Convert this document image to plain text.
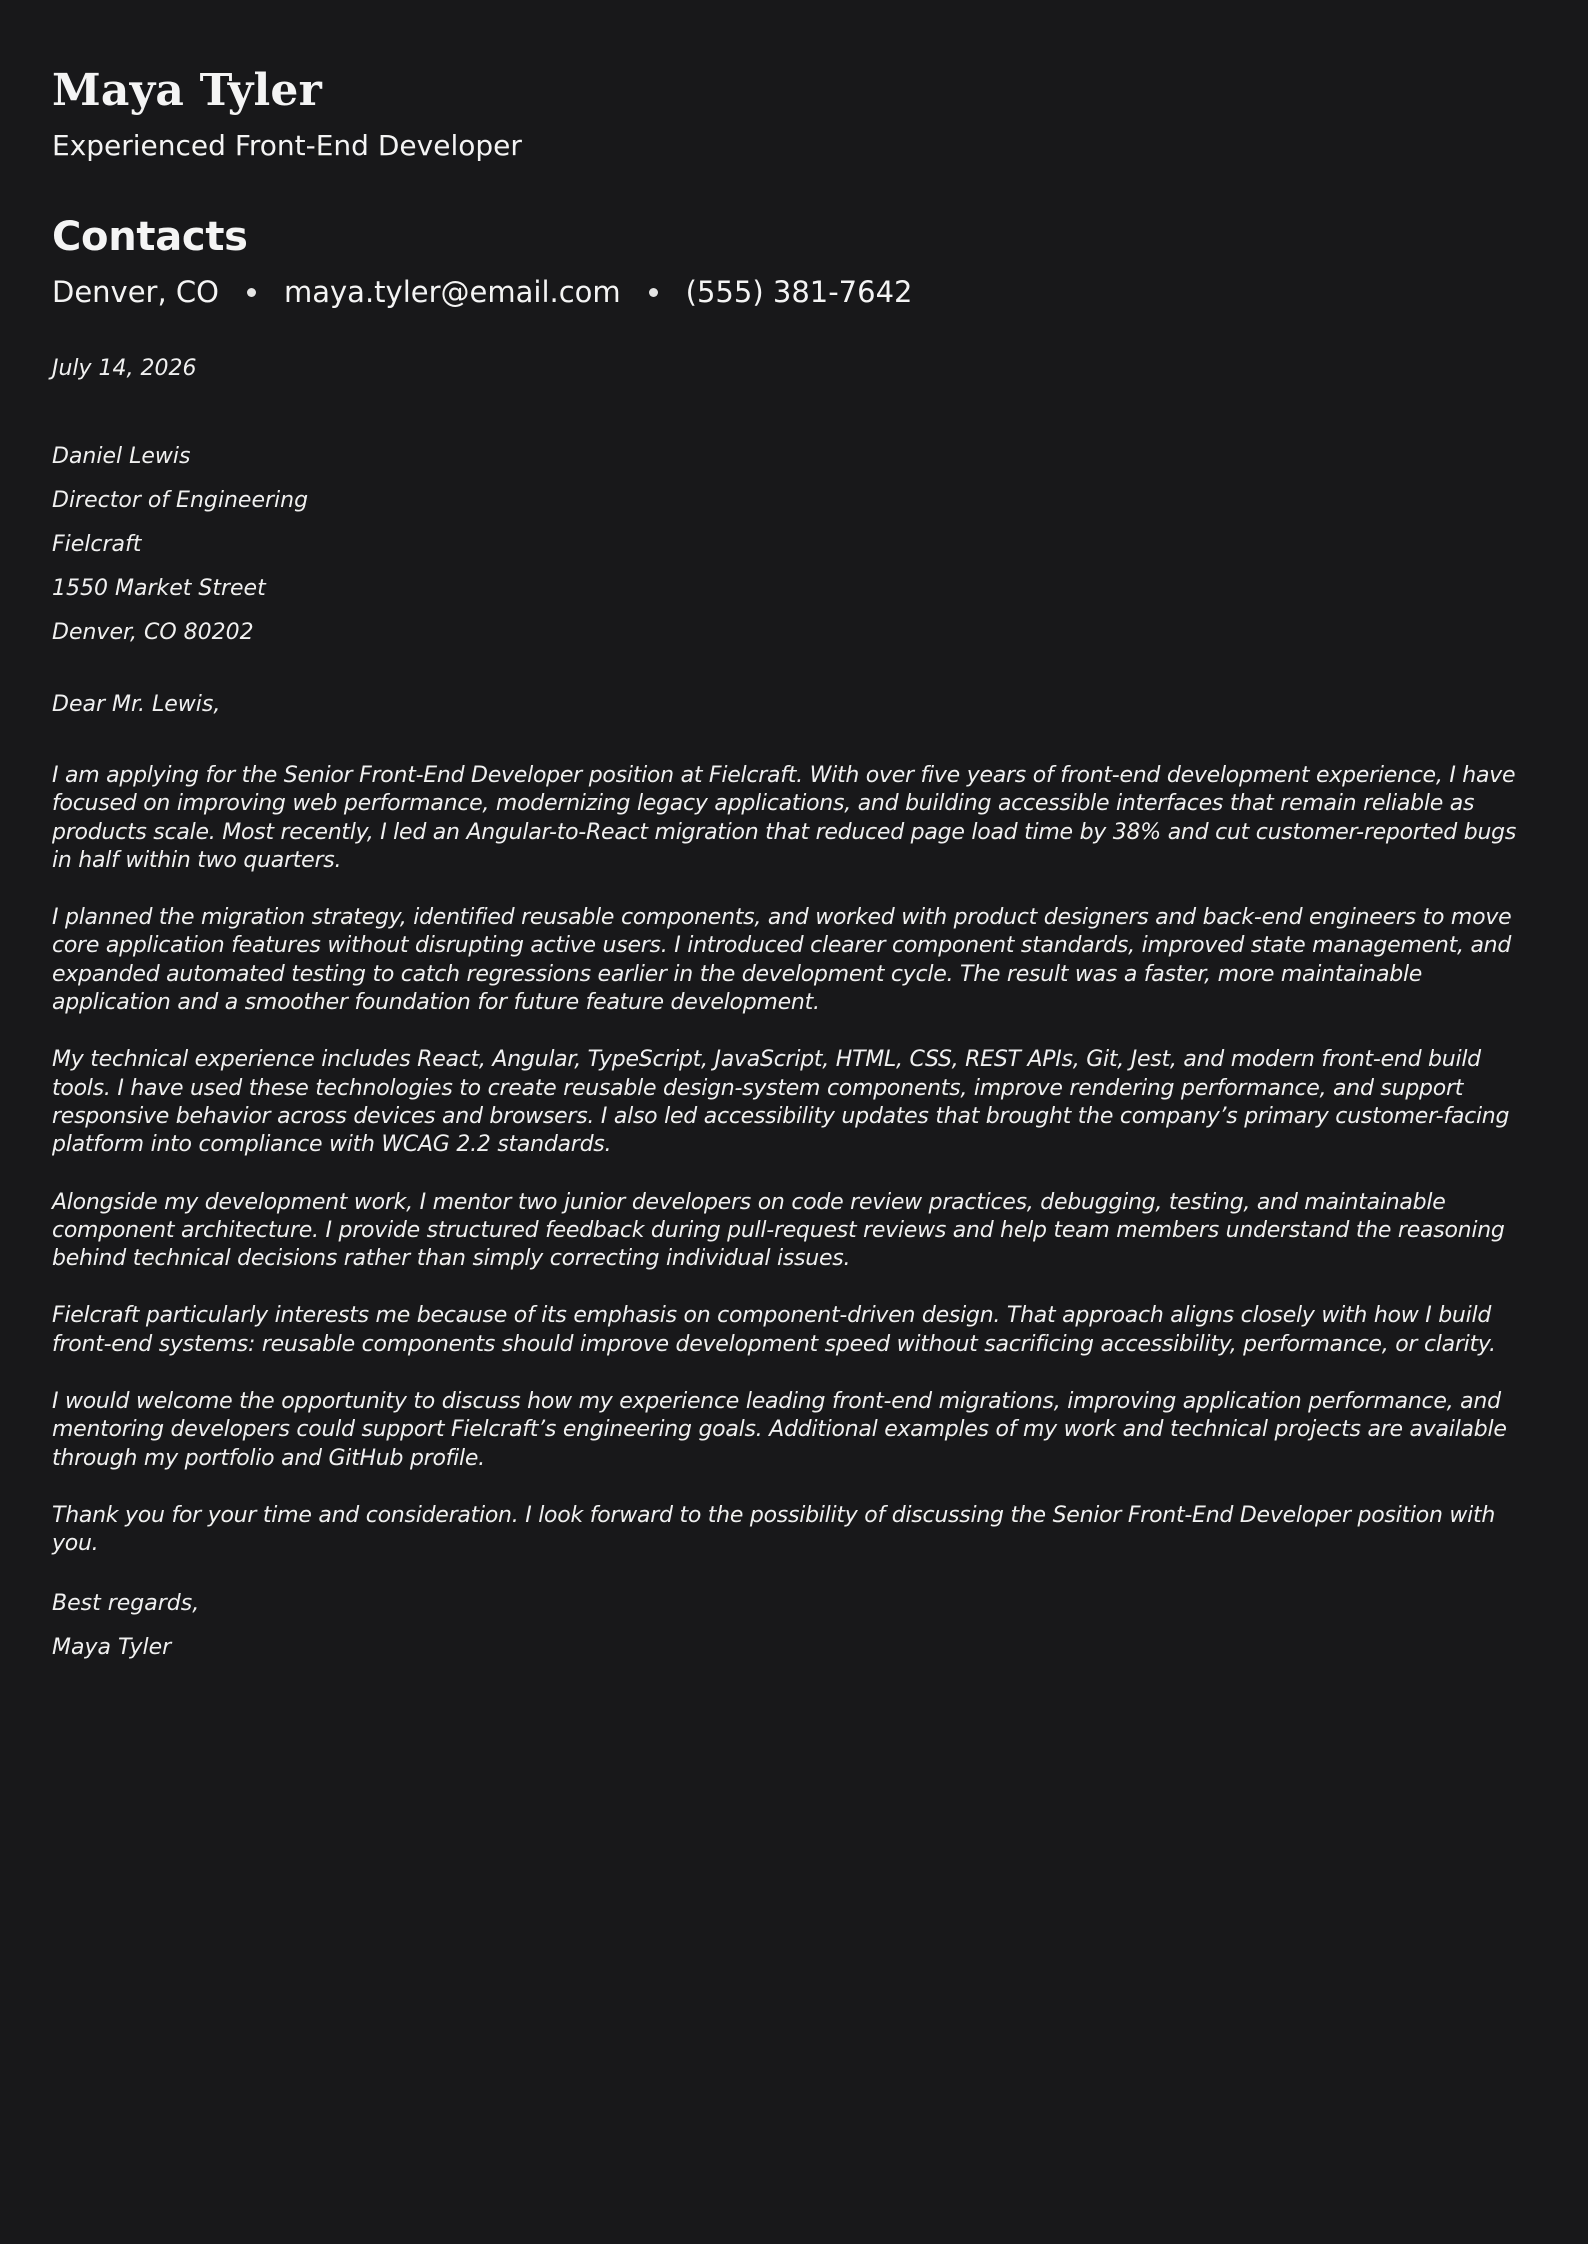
Maya Tyler
Experienced Front-End Developer
Contacts
Denver, CO maya.tyler@email.com (555) 381-7642
July 14, 2026
Daniel Lewis
Director of Engineering
Fielcraft
1550 Market Street
Denver, CO 80202
Dear Mr. Lewis,

I am applying for the Senior Front-End Developer position at Fielcraft. With over five years of front-end development experience, I have focused on improving web performance, modernizing legacy applications, and building accessible interfaces that remain reliable as products scale. Most recently, I led an Angular-to-React migration that reduced page load time by 38% and cut customer-reported bugs in half within two quarters.

I planned the migration strategy, identified reusable components, and worked with product designers and back-end engineers to move core application features without disrupting active users. I introduced clearer component standards, improved state management, and expanded automated testing to catch regressions earlier in the development cycle. The result was a faster, more maintainable application and a smoother foundation for future feature development.

My technical experience includes React, Angular, TypeScript, JavaScript, HTML, CSS, REST APIs, Git, Jest, and modern front-end build tools. I have used these technologies to create reusable design-system components, improve rendering performance, and support responsive behavior across devices and browsers. I also led accessibility updates that brought the company’s primary customer-facing platform into compliance with WCAG 2.2 standards.

Alongside my development work, I mentor two junior developers on code review practices, debugging, testing, and maintainable component architecture. I provide structured feedback during pull-request reviews and help team members understand the reasoning behind technical decisions rather than simply correcting individual issues.

Fielcraft particularly interests me because of its emphasis on component-driven design. That approach aligns closely with how I build front-end systems: reusable components should improve development speed without sacrificing accessibility, performance, or clarity.

I would welcome the opportunity to discuss how my experience leading front-end migrations, improving application performance, and mentoring developers could support Fielcraft’s engineering goals. Additional examples of my work and technical projects are available through my portfolio and GitHub profile.

Thank you for your time and consideration. I look forward to the possibility of discussing the Senior Front-End Developer position with you.

Best regards,
Maya Tyler
